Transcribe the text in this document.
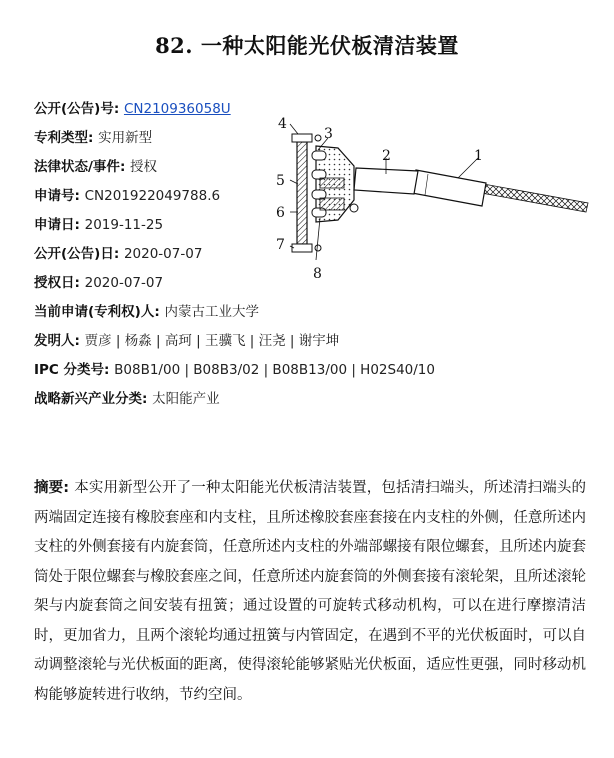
82. 一种太阳能光伏板清洁装置
公开(公告)号: CN210936058U
专利类型: 实用新型
法律状态/事件: 授权
申请号: CN201922049788.6
申请日: 2019-11-25
公开(公告)日: 2020-07-07
授权日: 2020-07-07
当前申请(专利权)人: 内蒙古工业大学
发明人: 贾彦 | 杨淼 | 高珂 | 王骥飞 | 汪尧 | 谢宇坤
IPC 分类号: B08B1/00 | B08B3/02 | B08B13/00 | H02S40/10
战略新兴产业分类: 太阳能产业
1
2
3
4
5
6
7
8
摘要: 本实用新型公开了一种太阳能光伏板清洁装置，包括清扫端头，所述清扫端头的两端固定连接有橡胶套座和内支柱，且所述橡胶套座套接在内支柱的外侧，任意所述内支柱的外侧套接有内旋套筒，任意所述内支柱的外端部螺接有限位螺套，且所述内旋套筒处于限位螺套与橡胶套座之间，任意所述内旋套筒的外侧套接有滚轮架，且所述滚轮架与内旋套筒之间安装有扭簧；通过设置的可旋转式移动机构，可以在进行摩擦清洁时，更加省力，且两个滚轮均通过扭簧与内管固定，在遇到不平的光伏板面时，可以自动调整滚轮与光伏板面的距离，使得滚轮能够紧贴光伏板面，适应性更强，同时移动机构能够旋转进行收纳，节约空间。
